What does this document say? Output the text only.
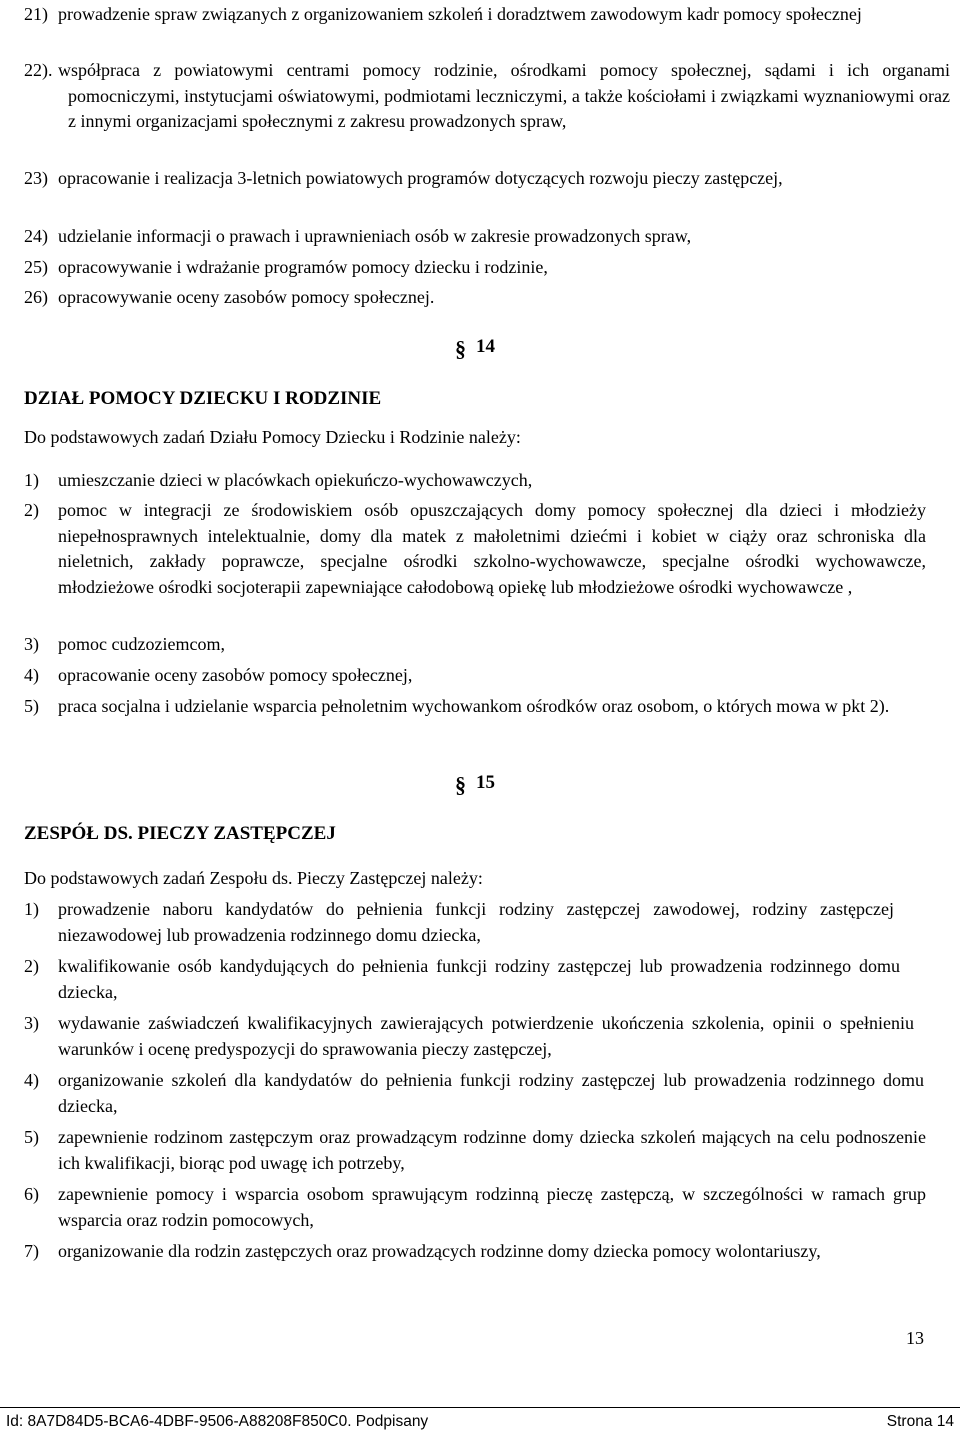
21) prowadzenie spraw związanych z organizowaniem szkoleń i doradztwem zawodowym kadr pomocy społecznej
22). współpraca z powiatowymi centrami pomocy rodzinie, ośrodkami pomocy społecznej, sądami i ich organami pomocniczymi, instytucjami oświatowymi, podmiotami leczniczymi, a także kościołami i związkami wyznaniowymi oraz z innymi organizacjami społecznymi z zakresu prowadzonych spraw,
23) opracowanie i realizacja 3-letnich powiatowych programów dotyczących rozwoju pieczy zastępczej,
24) udzielanie informacji o prawach i uprawnieniach osób w zakresie prowadzonych spraw,
25) opracowywanie i wdrażanie programów pomocy dziecku i rodzinie,
26) opracowywanie oceny zasobów pomocy społecznej.
§ 14
DZIAŁ POMOCY DZIECKU I RODZINIE
Do podstawowych zadań Działu Pomocy Dziecku i Rodzinie należy:
1)	umieszczanie dzieci w placówkach opiekuńczo-wychowawczych,
2)	pomoc w integracji ze środowiskiem osób opuszczających domy pomocy społecznej dla dzieci i młodzieży niepełnosprawnych intelektualnie, domy dla matek z małoletnimi dziećmi i kobiet w ciąży oraz schroniska dla nieletnich, zakłady poprawcze, specjalne ośrodki szkolno-wychowawcze, specjalne ośrodki wychowawcze, młodzieżowe ośrodki socjoterapii zapewniające całodobową opiekę lub młodzieżowe ośrodki wychowawcze ,
3)	pomoc cudzoziemcom,
4)	opracowanie oceny zasobów pomocy społecznej,
5)	praca socjalna i udzielanie wsparcia pełnoletnim wychowankom ośrodków oraz osobom, o których mowa w pkt 2).
§ 15
ZESPÓŁ DS. PIECZY ZASTĘPCZEJ
Do podstawowych zadań Zespołu ds. Pieczy Zastępczej należy:
1)	prowadzenie naboru kandydatów do pełnienia funkcji rodziny zastępczej zawodowej, rodziny zastępczej niezawodowej lub prowadzenia rodzinnego domu dziecka,
2)	kwalifikowanie osób kandydujących do pełnienia funkcji rodziny zastępczej lub prowadzenia rodzinnego domu dziecka,
3)	wydawanie zaświadczeń kwalifikacyjnych zawierających potwierdzenie ukończenia szkolenia, opinii o spełnieniu warunków i ocenę predyspozycji do sprawowania pieczy zastępczej,
4)	organizowanie szkoleń dla kandydatów do pełnienia funkcji rodziny zastępczej lub prowadzenia rodzinnego domu dziecka,
5)	zapewnienie rodzinom zastępczym oraz prowadzącym rodzinne domy dziecka szkoleń mających na celu podnoszenie ich kwalifikacji, biorąc pod uwagę ich potrzeby,
6)	zapewnienie pomocy i wsparcia osobom sprawującym rodzinną pieczę zastępczą, w szczególności w ramach grup wsparcia oraz rodzin pomocowych,
7)	organizowanie dla rodzin zastępczych oraz prowadzących rodzinne domy dziecka pomocy wolontariuszy,
13
Id: 8A7D84D5-BCA6-4DBF-9506-A88208F850C0. Podpisany	Strona 14
